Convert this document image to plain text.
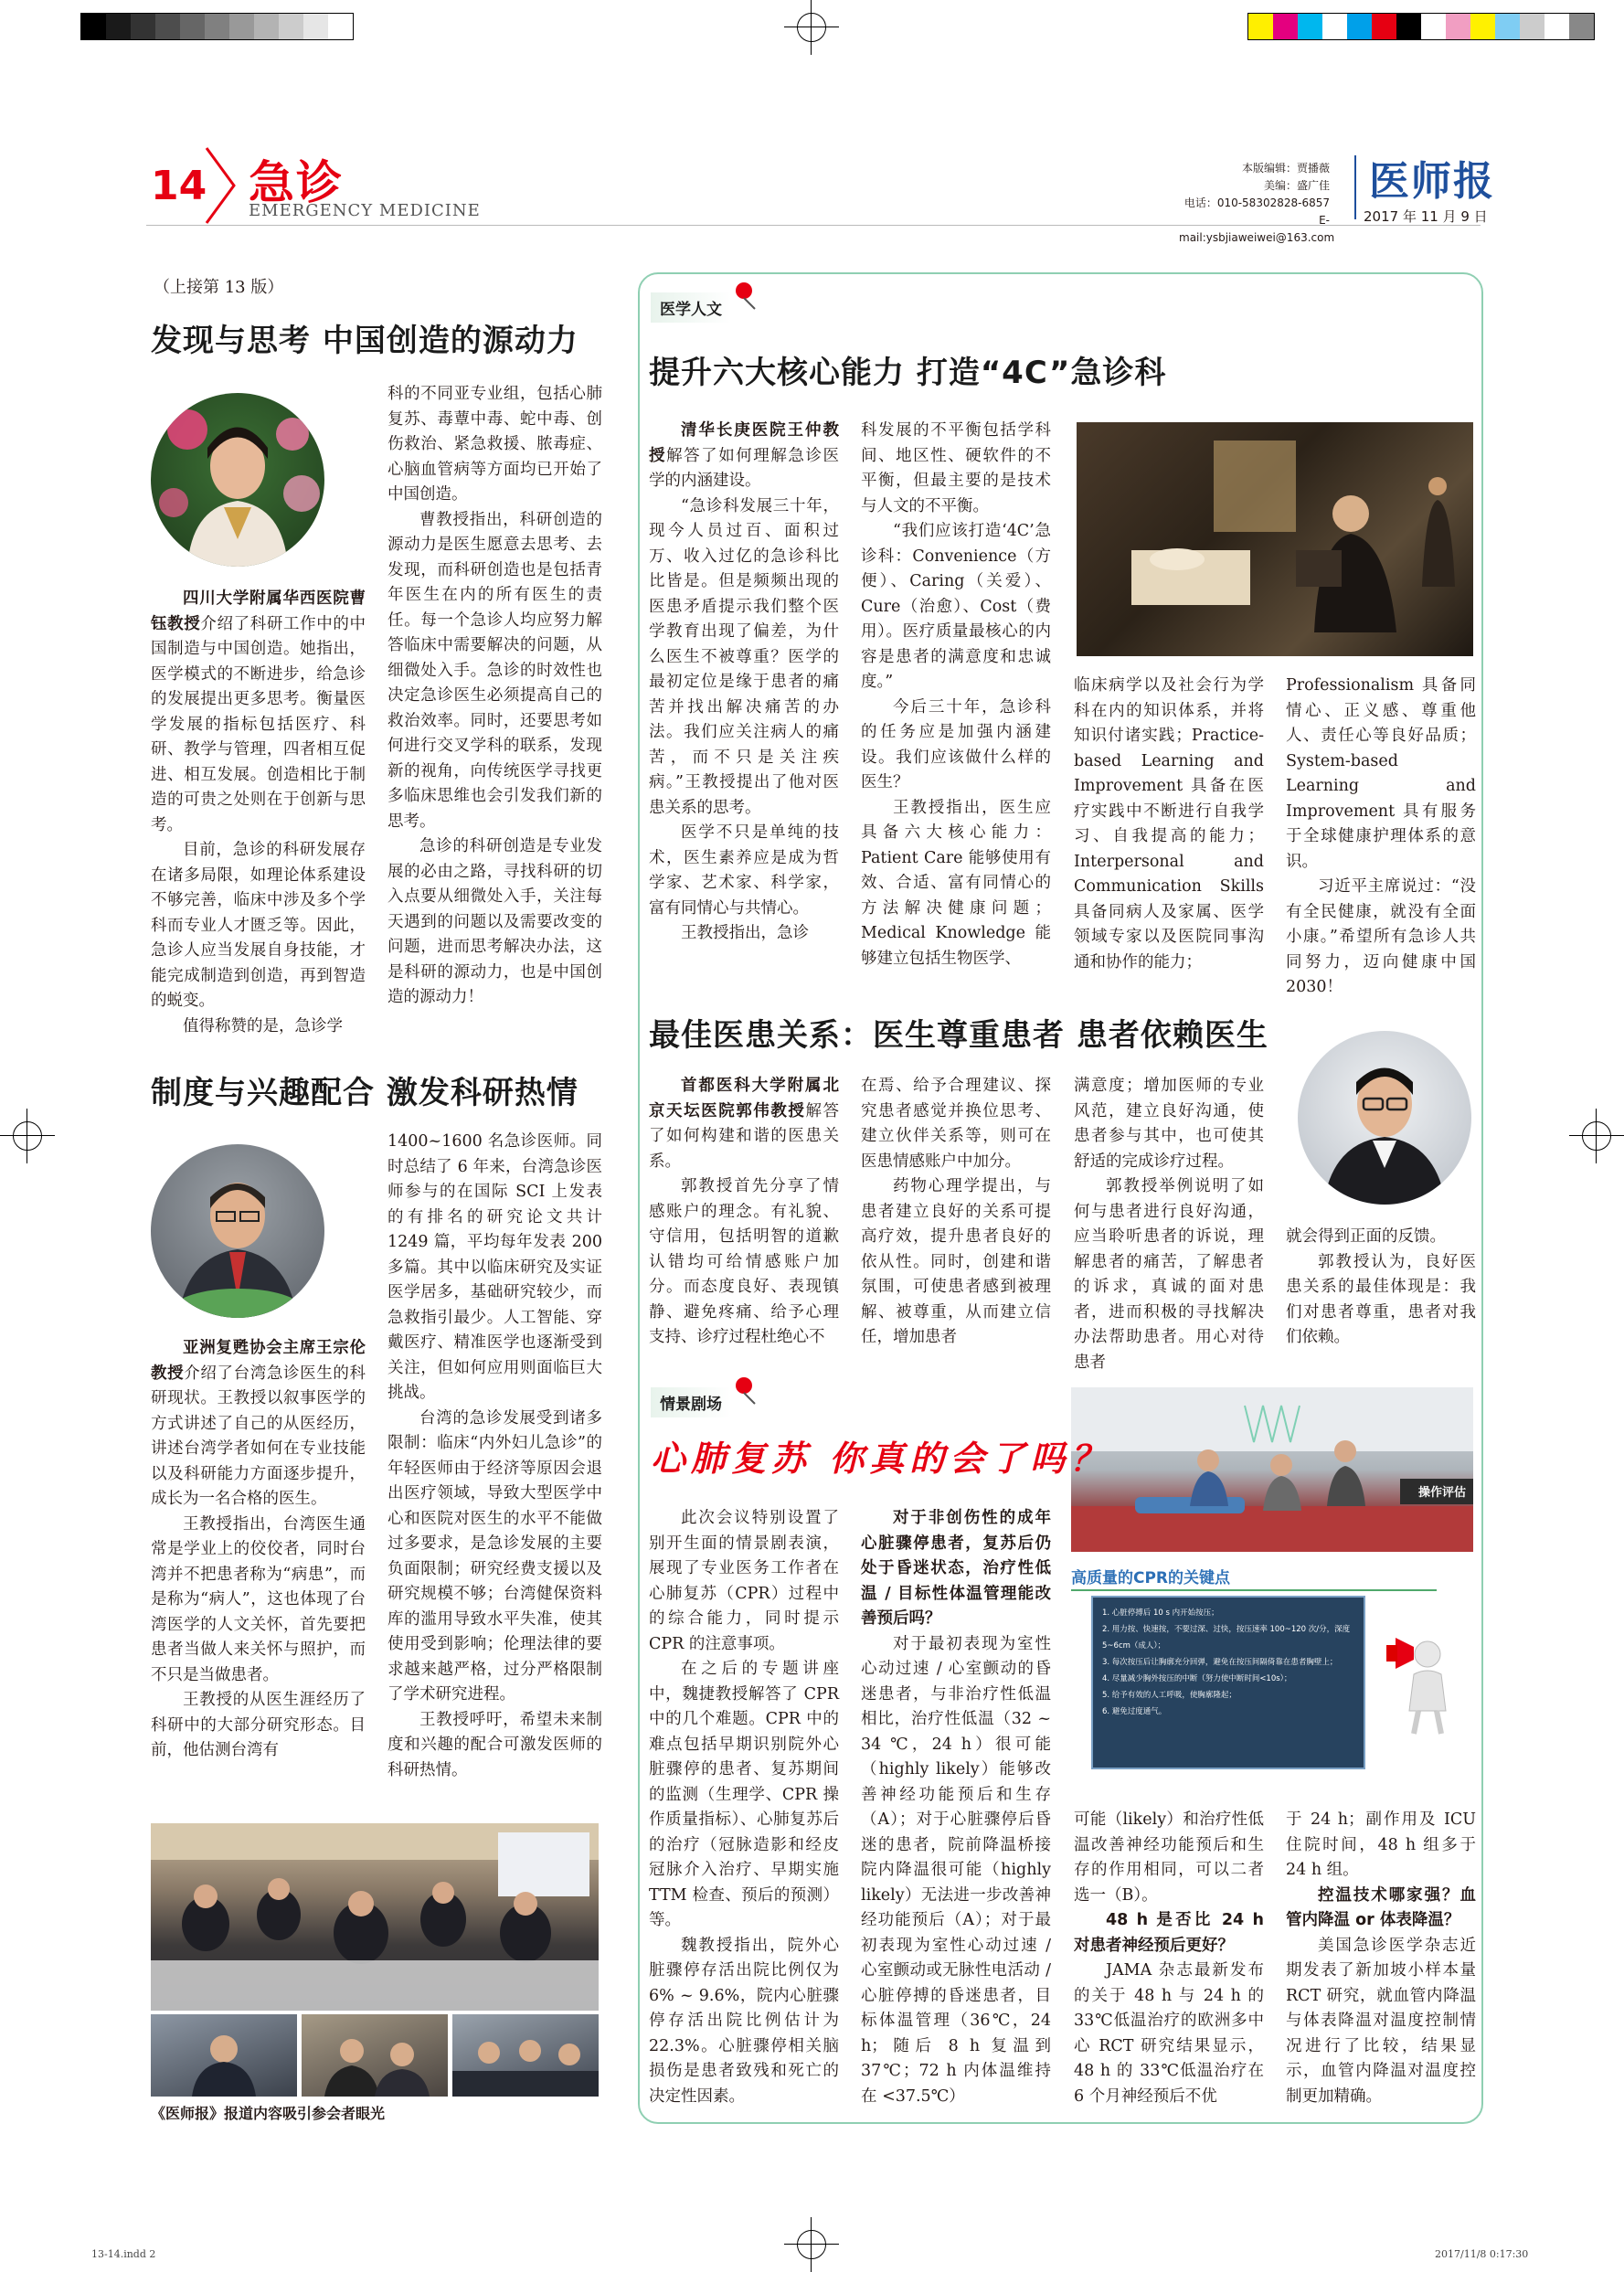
14 急诊
EMERGENCY MEDICINE
本版编辑：贾播薇
美编：盛广佳
电话：010-58302828-6857
E-mail:ysbjiaweiwei@163.com
医师报
2017 年 11 月 9 日
（上接第 13 版）
发现与思考 中国创造的源动力

四川大学附属华西医院曹钰教授介绍了科研工作中的中国制造与中国创造。她指出，医学模式的不断进步，给急诊的发展提出更多思考。衡量医学发展的指标包括医疗、科研、教学与管理，四者相互促进、相互发展。创造相比于制造的可贵之处则在于创新与思考。

目前，急诊的科研发展存在诸多局限，如理论体系建设不够完善，临床中涉及多个学科而专业人才匮乏等。因此，急诊人应当发展自身技能，才能完成制造到创造，再到智造的蜕变。

值得称赞的是，急诊学

科的不同亚专业组，包括心肺复苏、毒蕈中毒、蛇中毒、创伤救治、紧急救援、脓毒症、心脑血管病等方面均已开始了中国创造。

曹教授指出，科研创造的源动力是医生愿意去思考、去发现，而科研创造也是包括青年医生在内的所有医生的责任。每一个急诊人均应努力解答临床中需要解决的问题，从细微处入手。急诊的时效性也决定急诊医生必须提高自己的救治效率。同时，还要思考如何进行交叉学科的联系，发现新的视角，向传统医学寻找更多临床思维也会引发我们新的思考。

急诊的科研创造是专业发展的必由之路，寻找科研的切入点要从细微处入手，关注每天遇到的问题以及需要改变的问题，进而思考解决办法，这是科研的源动力，也是中国创造的源动力！

制度与兴趣配合 激发科研热情

亚洲复甦协会主席王宗伦教授介绍了台湾急诊医生的科研现状。王教授以叙事医学的方式讲述了自己的从医经历，讲述台湾学者如何在专业技能以及科研能力方面逐步提升，成长为一名合格的医生。

王教授指出，台湾医生通常是学业上的佼佼者，同时台湾并不把患者称为“病患”，而是称为“病人”，这也体现了台湾医学的人文关怀，首先要把患者当做人来关怀与照护，而不只是当做患者。

王教授的从医生涯经历了科研中的大部分研究形态。目前，他估测台湾有

1400~1600 名急诊医师。同时总结了 6 年来，台湾急诊医师参与的在国际 SCI 上发表的有排名的研究论文共计 1249 篇，平均每年发表 200 多篇。其中以临床研究及实证医学居多，基础研究较少，而急救指引最少。人工智能、穿戴医疗、精准医学也逐渐受到关注，但如何应用则面临巨大挑战。

台湾的急诊发展受到诸多限制：临床“内外妇儿急诊”的年轻医师由于经济等原因会退出医疗领域，导致大型医学中心和医院对医生的水平不能做过多要求，是急诊发展的主要负面限制；研究经费支援以及研究规模不够；台湾健保资料库的滥用导致水平失准，使其使用受到影响；伦理法律的要求越来越严格，过分严格限制了学术研究进程。

王教授呼吁，希望未来制度和兴趣的配合可激发医师的科研热情。

《医师报》报道内容吸引参会者眼光
医学人文
提升六大核心能力 打造“4C”急诊科

清华长庚医院王仲教授解答了如何理解急诊医学的内涵建设。

“急诊科发展三十年，现今人员过百、面积过万、收入过亿的急诊科比比皆是。但是频频出现的医患矛盾提示我们整个医学教育出现了偏差，为什么医生不被尊重？医学的最初定位是缘于患者的痛苦并找出解决痛苦的办法。我们应关注病人的痛苦，而不只是关注疾病。”王教授提出了他对医患关系的思考。

医学不只是单纯的技术，医生素养应是成为哲学家、艺术家、科学家，富有同情心与共情心。

王教授指出，急诊

科发展的不平衡包括学科间、地区性、硬软件的不平衡，但最主要的是技术与人文的不平衡。

“我们应该打造‘4C’急诊科：Convenience（方便）、Caring（关爱）、Cure（治愈）、Cost（费用）。医疗质量最核心的内容是患者的满意度和忠诚度。”

今后三十年，急诊科的任务应是加强内涵建设。我们应该做什么样的医生？

王教授指出，医生应具备六大核心能力：Patient Care 能够使用有效、合适、富有同情心的方法解决健康问题；Medical Knowledge 能够建立包括生物医学、

临床病学以及社会行为学科在内的知识体系，并将知识付诸实践；Practice-based Learning and Improvement 具备在医疗实践中不断进行自我学习、自我提高的能力；Interpersonal and Communication Skills 具备同病人及家属、医学领域专家以及医院同事沟通和协作的能力；

Professionalism 具备同情心、正义感、尊重他人、责任心等良好品质；System-based Learning and Improvement 具有服务于全球健康护理体系的意识。

习近平主席说过：“没有全民健康，就没有全面小康。”希望所有急诊人共同努力，迈向健康中国 2030！

最佳医患关系：医生尊重患者 患者依赖医生

首都医科大学附属北京天坛医院郭伟教授解答了如何构建和谐的医患关系。

郭教授首先分享了情感账户的理念。有礼貌、守信用，包括明智的道歉认错均可给情感账户加分。而态度良好、表现镇静、避免疼痛、给予心理支持、诊疗过程杜绝心不

在焉、给予合理建议、探究患者感觉并换位思考、建立伙伴关系等，则可在医患情感账户中加分。

药物心理学提出，与患者建立良好的关系可提高疗效，提升患者良好的依从性。同时，创建和谐氛围，可使患者感到被理解、被尊重，从而建立信任，增加患者

满意度；增加医师的专业风范，建立良好沟通，使患者参与其中，也可使其舒适的完成诊疗过程。

郭教授举例说明了如何与患者进行良好沟通，应当聆听患者的诉说，理解患者的痛苦，了解患者的诉求，真诚的面对患者，进而积极的寻找解决办法帮助患者。用心对待患者

就会得到正面的反馈。

郭教授认为，良好医患关系的最佳体现是：我们对患者尊重，患者对我们依赖。

情景剧场
操作评估
心肺复苏 你真的会了吗？

此次会议特别设置了别开生面的情景剧表演，展现了专业医务工作者在心肺复苏（CPR）过程中的综合能力，同时提示 CPR 的注意事项。

在之后的专题讲座中，魏捷教授解答了 CPR 中的几个难题。CPR 中的难点包括早期识别院外心脏骤停的患者、复苏期间的监测（生理学、CPR 操作质量指标）、心肺复苏后的治疗（冠脉造影和经皮冠脉介入治疗、早期实施 TTM 检查、预后的预测）等。

魏教授指出，院外心脏骤停存活出院比例仅为 6% ~ 9.6%，院内心脏骤停存活出院比例估计为 22.3%。心脏骤停相关脑损伤是患者致残和死亡的决定性因素。

对于非创伤性的成年心脏骤停患者，复苏后仍处于昏迷状态，治疗性低温 / 目标性体温管理能改善预后吗？

对于最初表现为室性心动过速 / 心室颤动的昏迷患者，与非治疗性低温相比，治疗性低温（32 ~ 34 ℃，24 h）很可能（highly likely）能够改善神经功能预后和生存（A）；对于心脏骤停后昏迷的患者，院前降温桥接院内降温很可能（highly likely）无法进一步改善神经功能预后（A）；对于最初表现为室性心动过速 / 心室颤动或无脉性电活动 / 心脏停搏的昏迷患者，目标体温管理（36℃，24 h；随后 8 h 复温到 37℃；72 h 内体温维持在 <37.5℃）

高质量的CPR的关键点
1. 心脏停搏后 10 s 内开始按压；
2. 用力按、快速按，不要过深、过快，按压速率 100~120 次/分，深度 5~6cm（成人）；
3. 每次按压后让胸廓充分回弹，避免在按压间隔倚靠在患者胸壁上；
4. 尽量减少胸外按压的中断（努力使中断时间<10s）；
5. 给予有效的人工呼吸，使胸廓隆起；
6. 避免过度通气。

可能（likely）和治疗性低温改善神经功能预后和生存的作用相同，可以二者选一（B）。

48 h 是否比 24 h 对患者神经预后更好？

JAMA 杂志最新发布的关于 48 h 与 24 h 的 33℃低温治疗的欧洲多中心 RCT 研究结果显示，48 h 的 33℃低温治疗在 6 个月神经预后不优

于 24 h；副作用及 ICU 住院时间，48 h 组多于 24 h 组。

控温技术哪家强？血管内降温 or 体表降温？

美国急诊医学杂志近期发表了新加坡小样本量 RCT 研究，就血管内降温与体表降温对温度控制情况进行了比较，结果显示，血管内降温对温度控制更加精确。

13-14.indd 2	2017/11/8 0:17:30
